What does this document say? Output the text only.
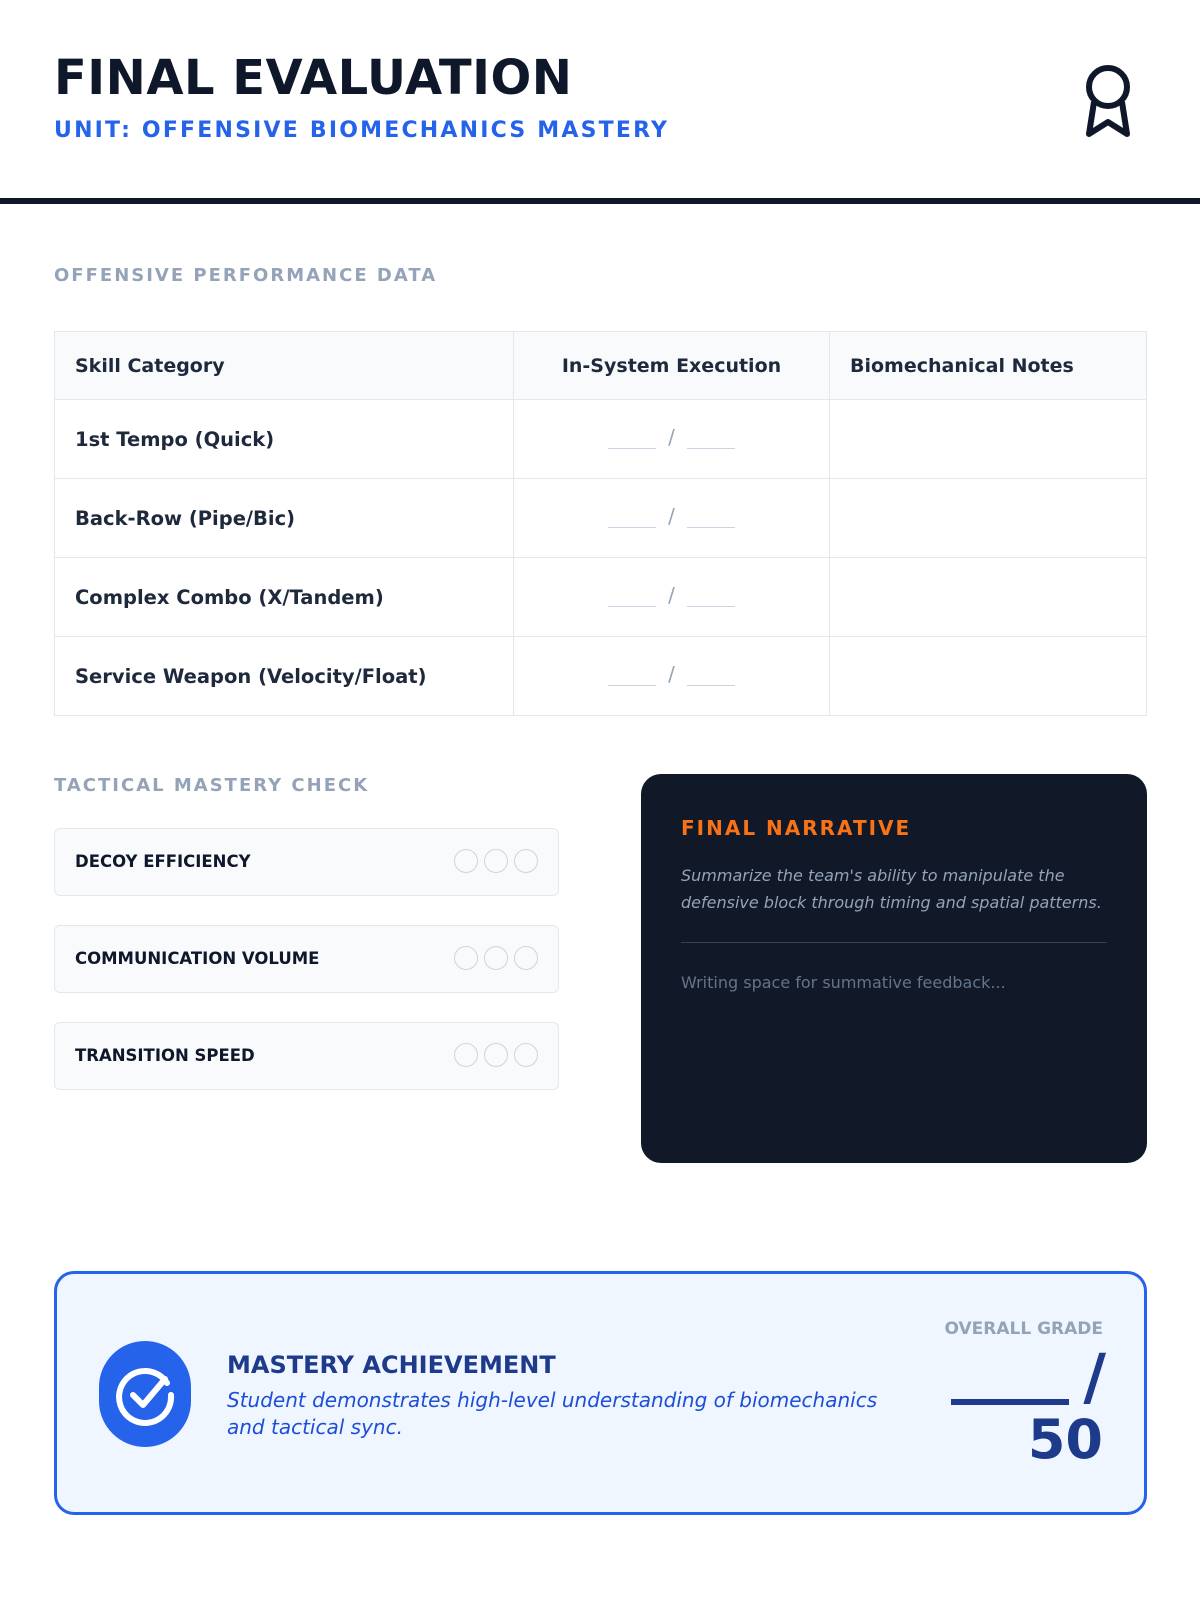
FINAL EVALUATION
UNIT: OFFENSIVE BIOMECHANICS MASTERY
OFFENSIVE PERFORMANCE DATA
Skill Category	In-System Execution	Biomechanical Notes
1st Tempo (Quick)	/	

Back-Row (Pipe/Bic)	/	

Complex Combo (X/Tandem)	/	

Service Weapon (Velocity/Float)	/	

TACTICAL MASTERY CHECK
DECOY EFFICIENCY
COMMUNICATION VOLUME
TRANSITION SPEED
FINAL NARRATIVE
Summarize the team's ability to manipulate the defensive block through timing and spatial patterns.
Writing space for summative feedback...
MASTERY ACHIEVEMENT
Student demonstrates high-level understanding of biomechanics and tactical sync.
OVERALL GRADE
/
50
